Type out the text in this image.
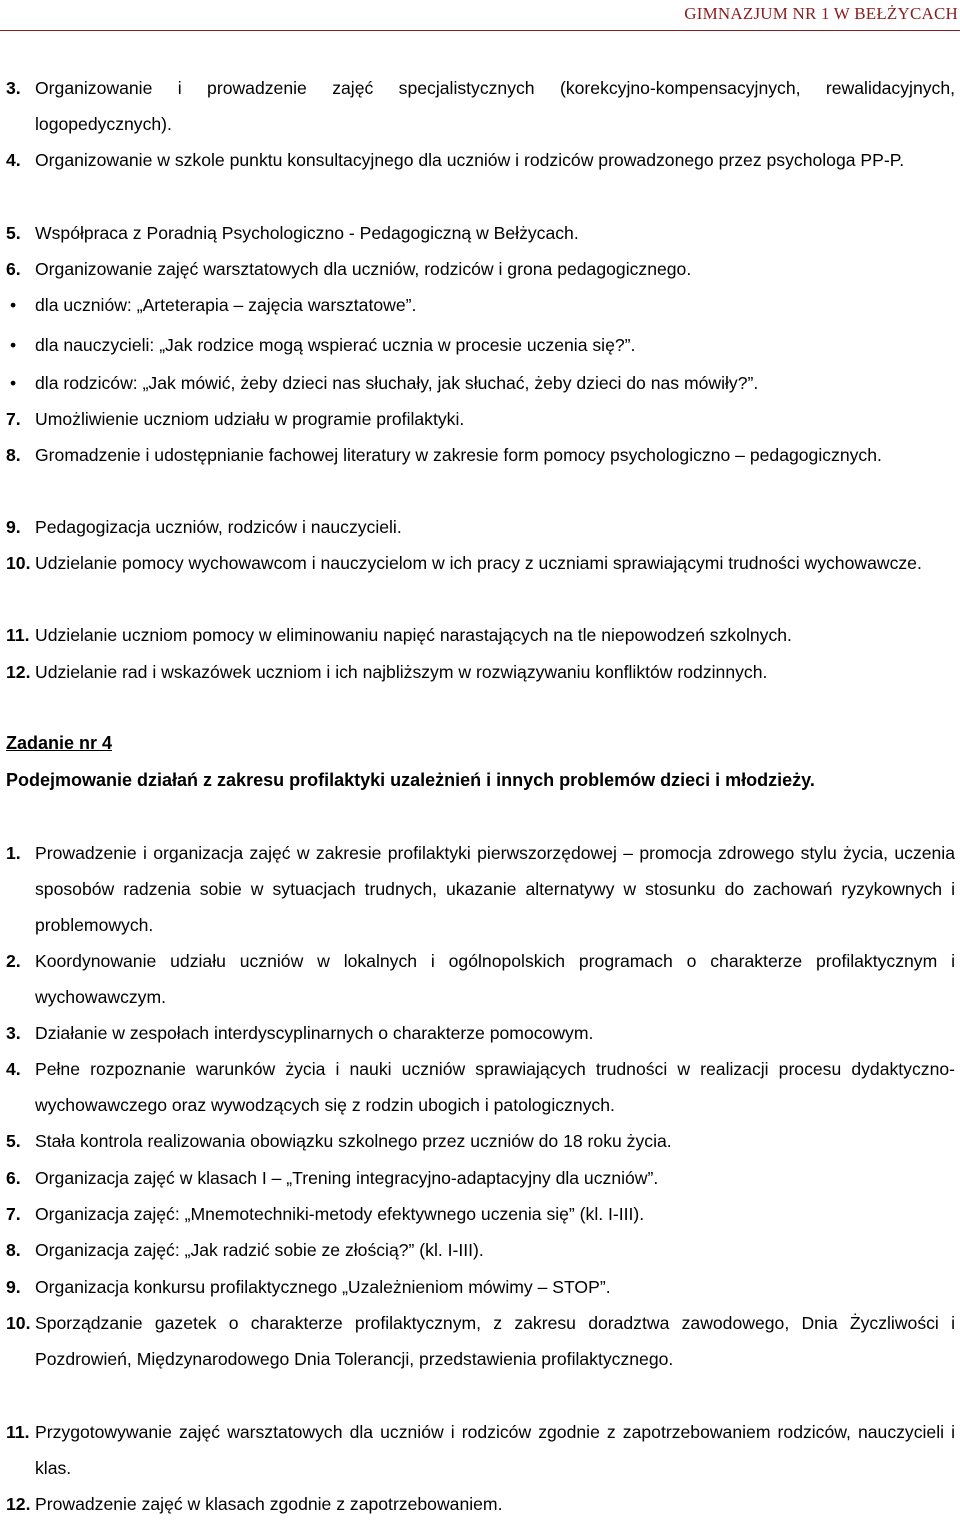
GIMNAZJUM NR 1 W BEŁŻYCACH
3. Organizowanie i prowadzenie zajęć specjalistycznych (korekcyjno-kompensacyjnych, rewalidacyjnych, logopedycznych).
4. Organizowanie w szkole punktu konsultacyjnego dla uczniów i rodziców prowadzonego przez psychologa PP-P.
5. Współpraca z Poradnią Psychologiczno - Pedagogiczną w Bełżycach.
6. Organizowanie zajęć warsztatowych dla uczniów, rodziców i grona pedagogicznego.
• dla uczniów: „Arteterapia – zajęcia warsztatowe”.
• dla nauczycieli: „Jak rodzice mogą wspierać ucznia w procesie uczenia się?”.
• dla rodziców: „Jak mówić, żeby dzieci nas słuchały, jak słuchać, żeby dzieci do nas mówiły?”.
7. Umożliwienie uczniom udziału w programie profilaktyki.
8. Gromadzenie i udostępnianie fachowej literatury w zakresie form pomocy psychologiczno – pedagogicznych.
9. Pedagogizacja uczniów, rodziców i nauczycieli.
10. Udzielanie pomocy wychowawcom i nauczycielom w ich pracy z uczniami sprawiającymi trudności wychowawcze.
11. Udzielanie uczniom pomocy w eliminowaniu napięć narastających na tle niepowodzeń szkolnych.
12. Udzielanie rad i wskazówek uczniom i ich najbliższym w rozwiązywaniu konfliktów rodzinnych.
Zadanie nr 4
Podejmowanie działań z zakresu profilaktyki uzależnień i innych problemów dzieci i młodzieży.
1. Prowadzenie i organizacja zajęć w zakresie profilaktyki pierwszorzędowej – promocja zdrowego stylu życia, uczenia sposobów radzenia sobie w sytuacjach trudnych, ukazanie alternatywy w stosunku do zachowań ryzykownych i problemowych.
2. Koordynowanie udziału uczniów w lokalnych i ogólnopolskich programach o charakterze profilaktycznym i wychowawczym.
3. Działanie w zespołach interdyscyplinarnych o charakterze pomocowym.
4. Pełne rozpoznanie warunków życia i nauki uczniów sprawiających trudności w realizacji procesu dydaktyczno-wychowawczego oraz wywodzących się z rodzin ubogich i patologicznych.
5. Stała kontrola realizowania obowiązku szkolnego przez uczniów do 18 roku życia.
6. Organizacja zajęć w klasach I – „Trening integracyjno-adaptacyjny dla uczniów”.
7. Organizacja zajęć: „Mnemotechniki-metody efektywnego uczenia się” (kl. I-III).
8. Organizacja zajęć: „Jak radzić sobie ze złością?” (kl. I-III).
9. Organizacja konkursu profilaktycznego „Uzależnieniom mówimy – STOP”.
10. Sporządzanie gazetek o charakterze profilaktycznym, z zakresu doradztwa zawodowego, Dnia Życzliwości i Pozdrowień, Międzynarodowego Dnia Tolerancji, przedstawienia profilaktycznego.
11. Przygotowywanie zajęć warsztatowych dla uczniów i rodziców zgodnie z zapotrzebowaniem rodziców, nauczycieli i klas.
12. Prowadzenie zajęć w klasach zgodnie z zapotrzebowaniem.
